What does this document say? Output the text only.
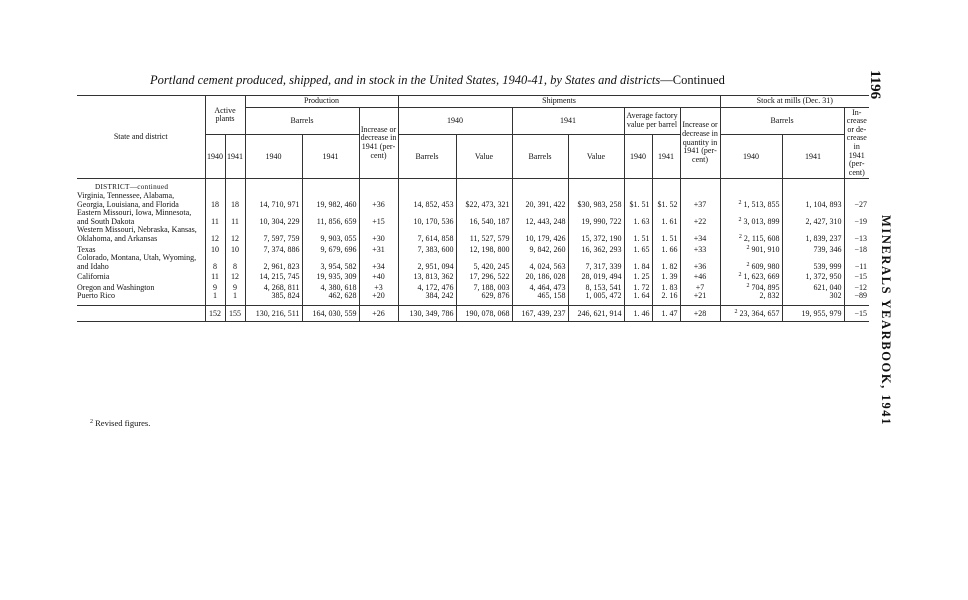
Portland cement produced, shipped, and in stock in the United States, 1940-41, by States and districts—Continued	1196
MINERALS YEARBOOK, 1941
State and district	Active plants		Production			Shipments							Stock at mills (Dec. 31)		
			Barrels		Increase or decrease in 1941 (percent)	1940		1941		Average factory value per barrel		Increase or decrease in quantity in 1941 (percent)	Barrels		Increase or decrease in 1941 (percent)
	1940	1941	1940	1941		Barrels	Value	Barrels	Value	1940	1941		1940	1941	
DISTRICT—continued															
Virginia, Tennessee, Alabama, Georgia, Louisiana, and Florida	18	18	14, 710, 971	19, 982, 460	+36	14, 852, 453	$22, 473, 321	20, 391, 422	$30, 983, 258	$1. 51	$1. 52	+37	$^2$ 1, 513, 855	1, 104, 893	−27
Eastern Missouri, Iowa, Minnesota, and South Dakota	11	11	10, 304, 229	11, 856, 659	+15	10, 170, 536	16, 540, 187	12, 443, 248	19, 990, 722	1. 63	1. 61	+22	$^2$ 3, 013, 899	2, 427, 310	−19
Western Missouri, Nebraska, Kansas, Oklahoma, and Arkansas	12	12	7, 597, 759	9, 903, 055	+30	7, 614, 858	11, 527, 579	10, 179, 426	15, 372, 190	1. 51	1. 51	+34	$^2$ 2, 115, 608	1, 839, 237	−13
Texas	10	10	7, 374, 886	9, 679, 696	+31	7, 383, 600	12, 198, 800	9, 842, 260	16, 362, 293	1. 65	1. 66	+33	$^2$ 901, 910	739, 346	−18
Colorado, Montana, Utah, Wyoming, and Idaho	8	8	2, 961, 823	3, 954, 582	+34	2, 951, 094	5, 420, 245	4, 024, 563	7, 317, 339	1. 84	1. 82	+36	$^2$ 609, 980	539, 999	−11
California	11	12	14, 215, 745	19, 935, 309	+40	13, 813, 362	17, 296, 522	20, 186, 028	28, 019, 494	1. 25	1. 39	+46	$^2$ 1, 623, 669	1, 372, 950	−15
Oregon and Washington	9	9	4, 268, 811	4, 380, 618	+3	4, 172, 476	7, 188, 003	4, 464, 473	8, 153, 541	1. 72	1. 83	+7	$^2$ 704, 895	621, 040	−12
Puerto Rico	1	1	385, 824	462, 628	+20	384, 242	629, 876	465, 158	1, 005, 472	1. 64	2. 16	+21	2, 832	302	−89

	152	155	130, 216, 511	164, 030, 559	+26	130, 349, 786	190, 078, 068	167, 439, 237	246, 621, 914	1. 46	1. 47	+28	$^2$ 23, 364, 657	19, 955, 979	−15
$^2$ Revised figures.
